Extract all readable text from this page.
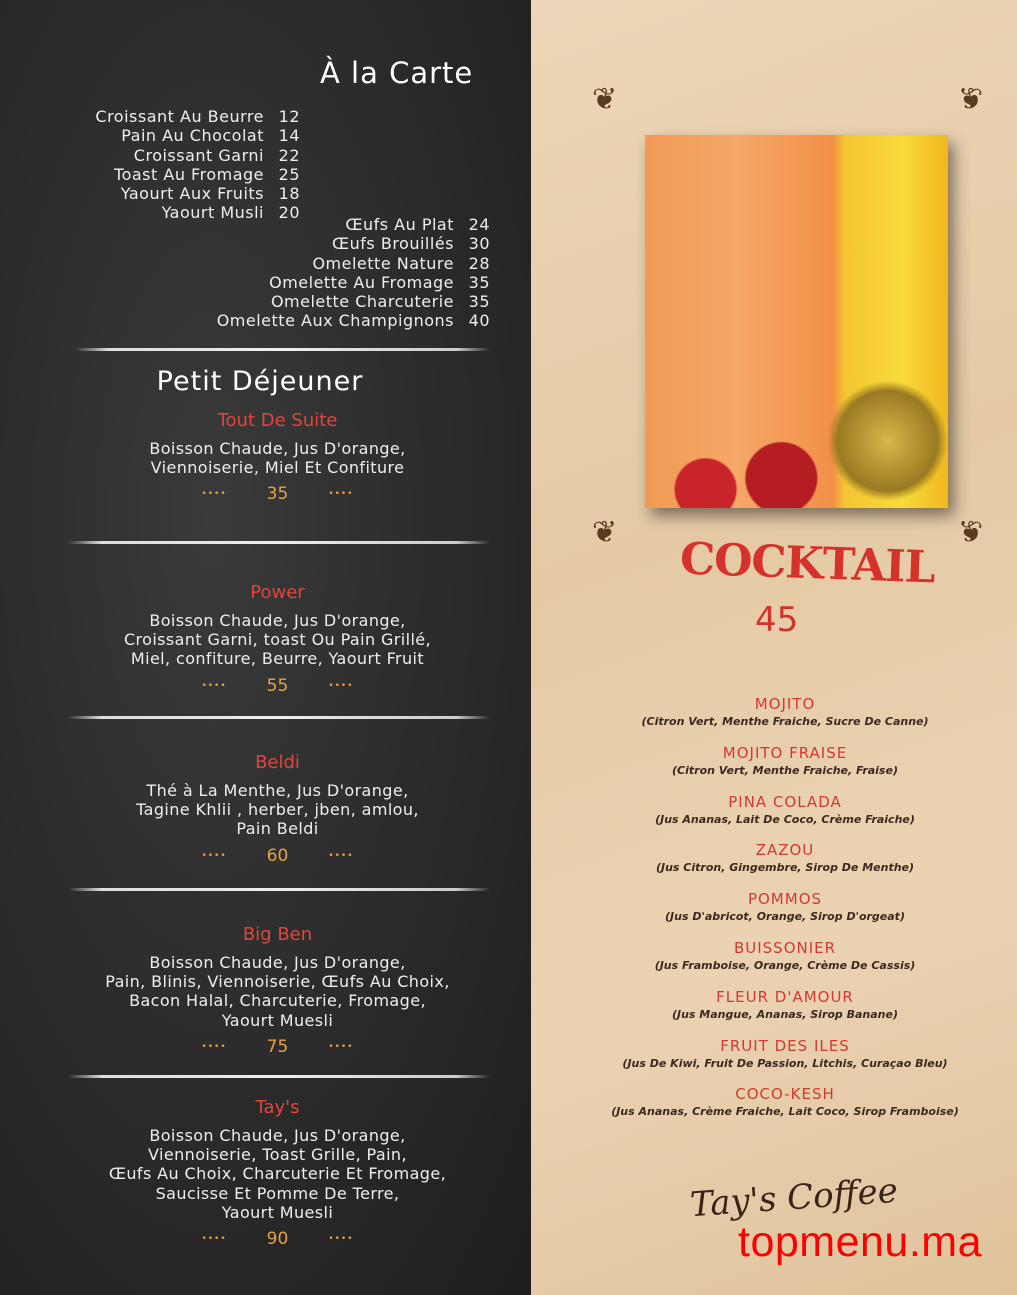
À la Carte
Croissant Au Beurre 12
Pain Au Chocolat 14
Croissant Garni 22
Toast Au Fromage 25
Yaourt Aux Fruits 18
Yaourt Musli 20
Œufs Au Plat 24
Œufs Brouillés 30
Omelette Nature 28
Omelette Au Fromage 35
Omelette Charcuterie 35
Omelette Aux Champignons 40
Petit Déjeuner
Tout De Suite
Boisson Chaude, Jus D'orange,
Viennoiserie, Miel Et Confiture
•••• 35	••••
Power
Boisson Chaude, Jus D'orange,
Croissant Garni, toast Ou Pain Grillé,
Miel, confiture, Beurre, Yaourt Fruit
•••• 55	••••
Beldi
Thé à La Menthe, Jus D'orange,
Tagine Khlii , herber, jben, amlou,
Pain Beldi
•••• 60	••••
Big Ben
Boisson Chaude, Jus D'orange,
Pain, Blinis, Viennoiserie, Œufs Au Choix,
Bacon Halal, Charcuterie, Fromage,
Yaourt Muesli
•••• 75	••••
Tay's
Boisson Chaude, Jus D'orange,
Viennoiserie, Toast Grille, Pain,
Œufs Au Choix, Charcuterie Et Fromage,
Saucisse Et Pomme De Terre,
Yaourt Muesli
•••• 90	••••
❦	❦
❦	❦
COCKTAIL
45
MOJITO
(Citron Vert, Menthe Fraiche, Sucre De Canne)
MOJITO FRAISE
(Citron Vert, Menthe Fraiche, Fraise)
PINA COLADA
(Jus Ananas, Lait De Coco, Crème Fraiche)
ZAZOU
(Jus Citron, Gingembre, Sirop De Menthe)
POMMOS
(Jus D'abricot, Orange, Sirop D'orgeat)
BUISSONIER
(Jus Framboise, Orange, Crème De Cassis)
FLEUR D'AMOUR
(Jus Mangue, Ananas, Sirop Banane)
FRUIT DES ILES
(Jus De Kiwi, Fruit De Passion, Litchis, Curaçao Bleu)
COCO-KESH
(Jus Ananas, Crème Fraiche, Lait Coco, Sirop Framboise)
Tay's Coffee
topmenu.ma
